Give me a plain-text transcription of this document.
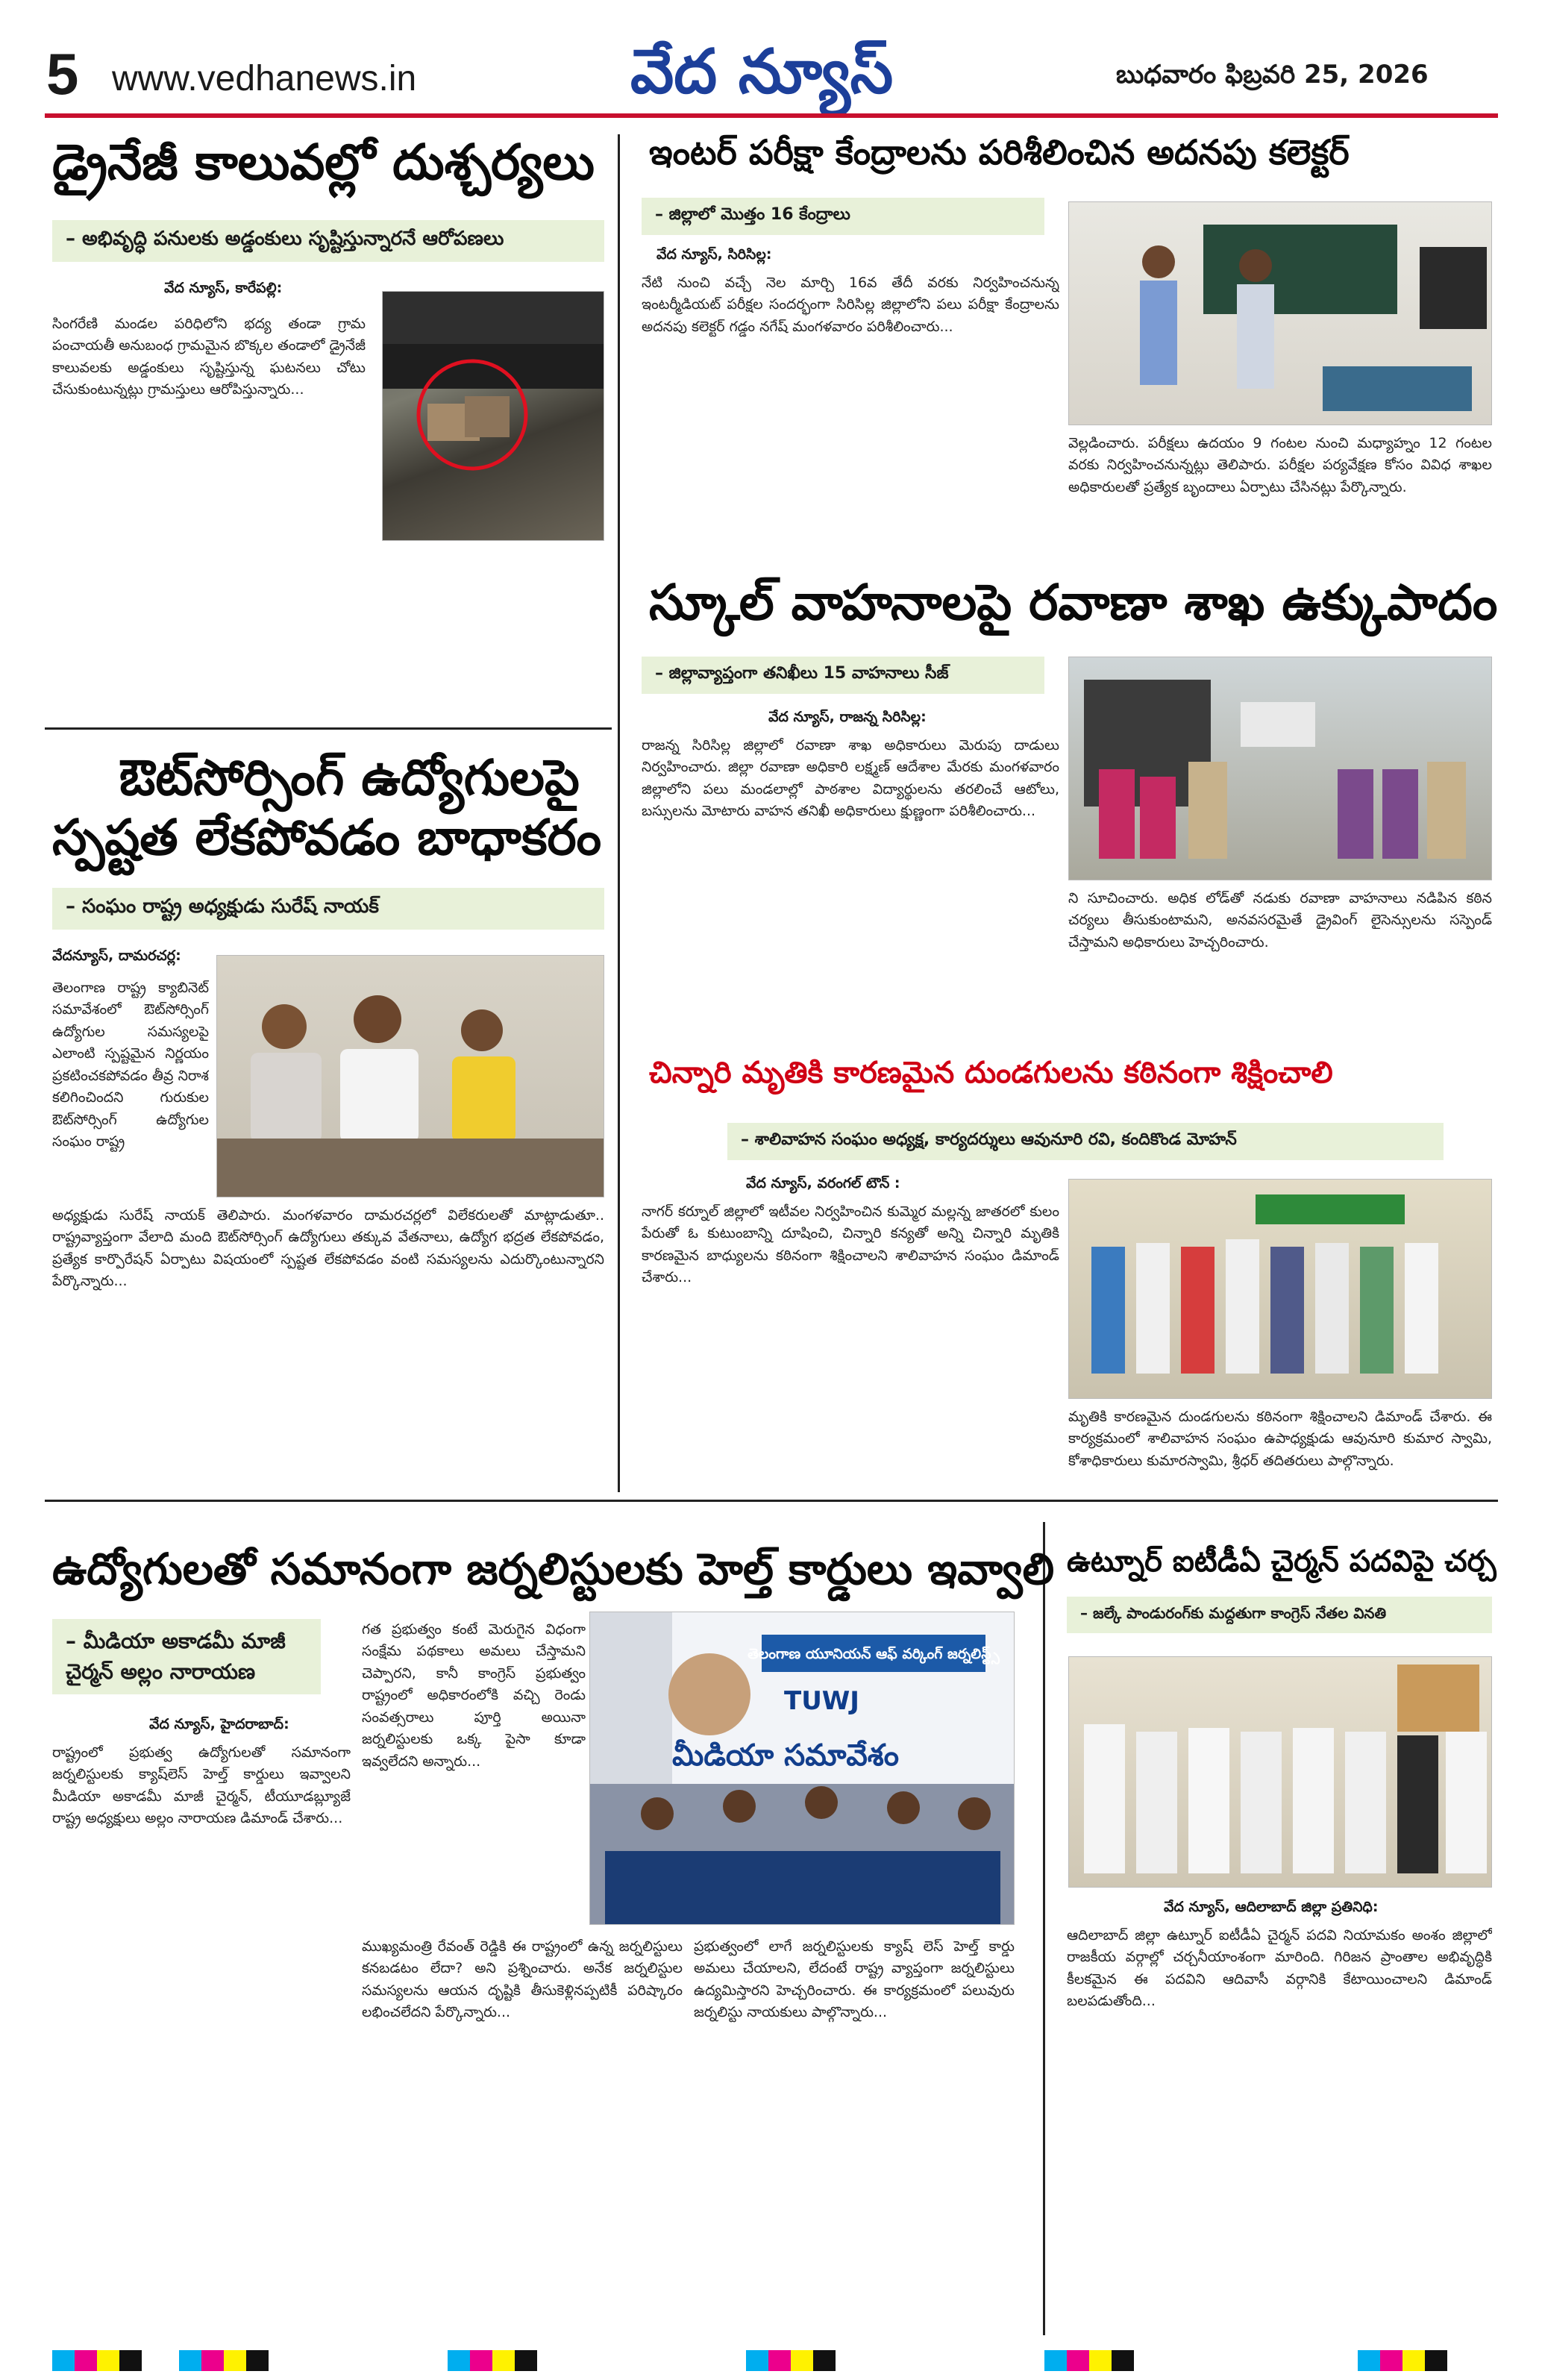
5 www.vedhanews.in	వేద న్యూస్	బుధవారం ఫిబ్రవరి 25, 2026
డ్రైనేజీ కాలువల్లో దుశ్చర్యలు
– అభివృద్ధి పనులకు అడ్డంకులు సృష్టిస్తున్నారనే ఆరోపణలు
వేద న్యూస్, కారేపల్లి:
సింగరేణి మండల పరిధిలోని భద్య తండా గ్రామ పంచాయతీ అనుబంధ గ్రామమైన బొక్కల తండాలో డ్రైనేజీ కాలువలకు అడ్డంకులు సృష్టిస్తున్న ఘటనలు చోటు చేసుకుంటున్నట్లు గ్రామస్తులు ఆరోపిస్తున్నారు...
ఔట్‌సోర్సింగ్ ఉద్యోగులపై
స్పష్టత లేకపోవడం బాధాకరం
– సంఘం రాష్ట్ర అధ్యక్షుడు సురేష్ నాయక్
వేదన్యూస్, దామరచర్ల:
తెలంగాణ రాష్ట్ర క్యాబినెట్ సమావేశంలో ఔట్‌సోర్సింగ్ ఉద్యోగుల సమస్యలపై ఎలాంటి స్పష్టమైన నిర్ణయం ప్రకటించకపోవడం తీవ్ర నిరాశ కలిగించిందని గురుకుల ఔట్‌సోర్సింగ్ ఉద్యోగుల సంఘం రాష్ట్ర
అధ్యక్షుడు సురేష్ నాయక్ తెలిపారు. మంగళవారం దామరచర్లలో విలేకరులతో మాట్లాడుతూ.. రాష్ట్రవ్యాప్తంగా వేలాది మంది ఔట్‌సోర్సింగ్ ఉద్యోగులు తక్కువ వేతనాలు, ఉద్యోగ భద్రత లేకపోవడం, ప్రత్యేక కార్పొరేషన్ ఏర్పాటు విషయంలో స్పష్టత లేకపోవడం వంటి సమస్యలను ఎదుర్కొంటున్నారని పేర్కొన్నారు...
ఇంటర్ పరీక్షా కేంద్రాలను పరిశీలించిన అదనపు కలెక్టర్
– జిల్లాలో మొత్తం 16 కేంద్రాలు
వేద న్యూస్, సిరిసిల్ల:
నేటి నుంచి వచ్చే నెల మార్చి 16వ తేదీ వరకు నిర్వహించనున్న ఇంటర్మీడియట్ పరీక్షల సందర్భంగా సిరిసిల్ల జిల్లాలోని పలు పరీక్షా కేంద్రాలను అదనపు కలెక్టర్ గడ్డం నగేష్ మంగళవారం పరిశీలించారు...
వెల్లడించారు. పరీక్షలు ఉదయం 9 గంటల నుంచి మధ్యాహ్నం 12 గంటల వరకు నిర్వహించనున్నట్లు తెలిపారు. పరీక్షల పర్యవేక్షణ కోసం వివిధ శాఖల అధికారులతో ప్రత్యేక బృందాలు ఏర్పాటు చేసినట్లు పేర్కొన్నారు.
స్కూల్ వాహనాలపై రవాణా శాఖ ఉక్కుపాదం
– జిల్లావ్యాప్తంగా తనిఖీలు 15 వాహనాలు సీజ్
వేద న్యూస్, రాజన్న సిరిసిల్ల:
రాజన్న సిరిసిల్ల జిల్లాలో రవాణా శాఖ అధికారులు మెరుపు దాడులు నిర్వహించారు. జిల్లా రవాణా అధికారి లక్ష్మణ్ ఆదేశాల మేరకు మంగళవారం జిల్లాలోని పలు మండలాల్లో పాఠశాల విద్యార్థులను తరలించే ఆటోలు, బస్సులను మోటారు వాహన తనిఖీ అధికారులు క్షుణ్ణంగా పరిశీలించారు...
ని సూచించారు. అధిక లోడ్‌తో నడుకు రవాణా వాహనాలు నడిపిన కఠిన చర్యలు తీసుకుంటామని, అనవసరమైతే డ్రైవింగ్ లైసెన్సులను సస్పెండ్ చేస్తామని అధికారులు హెచ్చరించారు.
చిన్నారి మృతికి కారణమైన దుండగులను కఠినంగా శిక్షించాలి
– శాలివాహన సంఘం అధ్యక్ష, కార్యదర్శులు ఆవునూరి రవి, కందికొండ మోహన్
వేద న్యూస్, వరంగల్ టౌన్ :
నాగర్ కర్నూల్ జిల్లాలో ఇటీవల నిర్వహించిన కుమ్మెర మల్లన్న జాతరలో కులం పేరుతో ఓ కుటుంబాన్ని దూషించి, చిన్నారి కన్యతో అన్ని చిన్నారి మృతికి కారణమైన బాధ్యులను కఠినంగా శిక్షించాలని శాలివాహన సంఘం డిమాండ్ చేశారు...
మృతికి కారణమైన దుండగులను కఠినంగా శిక్షించాలని డిమాండ్ చేశారు. ఈ కార్యక్రమంలో శాలివాహన సంఘం ఉపాధ్యక్షుడు ఆవునూరి కుమార స్వామి, కోశాధికారులు కుమారస్వామి, శ్రీధర్ తదితరులు పాల్గొన్నారు.
ఉద్యోగులతో సమానంగా జర్నలిస్టులకు హెల్త్ కార్డులు ఇవ్వాలి
– మీడియా అకాడమీ మాజీ
చైర్మన్ అల్లం నారాయణ
వేద న్యూస్, హైదరాబాద్:
రాష్ట్రంలో ప్రభుత్వ ఉద్యోగులతో సమానంగా జర్నలిస్టులకు క్యాష్‌లెస్ హెల్త్ కార్డులు ఇవ్వాలని మీడియా అకాడమీ మాజీ చైర్మన్, టీయూడబ్ల్యూజే రాష్ట్ర అధ్యక్షులు అల్లం నారాయణ డిమాండ్ చేశారు...
గత ప్రభుత్వం కంటే మెరుగైన విధంగా సంక్షేమ పథకాలు అమలు చేస్తామని చెప్పారని, కానీ కాంగ్రెస్ ప్రభుత్వం రాష్ట్రంలో అధికారంలోకి వచ్చి రెండు సంవత్సరాలు పూర్తి అయినా జర్నలిస్టులకు ఒక్క పైసా కూడా ఇవ్వలేదని అన్నారు...
తెలంగాణ యూనియన్ ఆఫ్ వర్కింగ్ జర్నలిస్ట్స్
TUWJ
మీడియా సమావేశం
ముఖ్యమంత్రి రేవంత్ రెడ్డికి ఈ రాష్ట్రంలో ఉన్న జర్నలిస్టులు కనబడటం లేదా? అని ప్రశ్నించారు. అనేక జర్నలిస్టుల సమస్యలను ఆయన దృష్టికి తీసుకెళ్లినప్పటికీ పరిష్కారం లభించలేదని పేర్కొన్నారు...
ప్రభుత్వంలో లాగే జర్నలిస్టులకు క్యాష్ లెస్ హెల్త్ కార్డు అమలు చేయాలని, లేదంటే రాష్ట్ర వ్యాప్తంగా జర్నలిస్టులు ఉద్యమిస్తారని హెచ్చరించారు. ఈ కార్యక్రమంలో పలువురు జర్నలిస్టు నాయకులు పాల్గొన్నారు...
ఉట్నూర్ ఐటీడీఏ చైర్మన్ పదవిపై చర్చ
– జల్కే పాండురంగ్‌కు మద్దతుగా కాంగ్రెస్ నేతల వినతి
వేద న్యూస్, ఆదిలాబాద్ జిల్లా ప్రతినిధి:
ఆదిలాబాద్ జిల్లా ఉట్నూర్ ఐటీడీఏ చైర్మన్ పదవి నియామకం అంశం జిల్లాలో రాజకీయ వర్గాల్లో చర్చనీయాంశంగా మారింది. గిరిజన ప్రాంతాల అభివృద్ధికి కీలకమైన ఈ పదవిని ఆదివాసీ వర్గానికి కేటాయించాలని డిమాండ్ బలపడుతోంది...
